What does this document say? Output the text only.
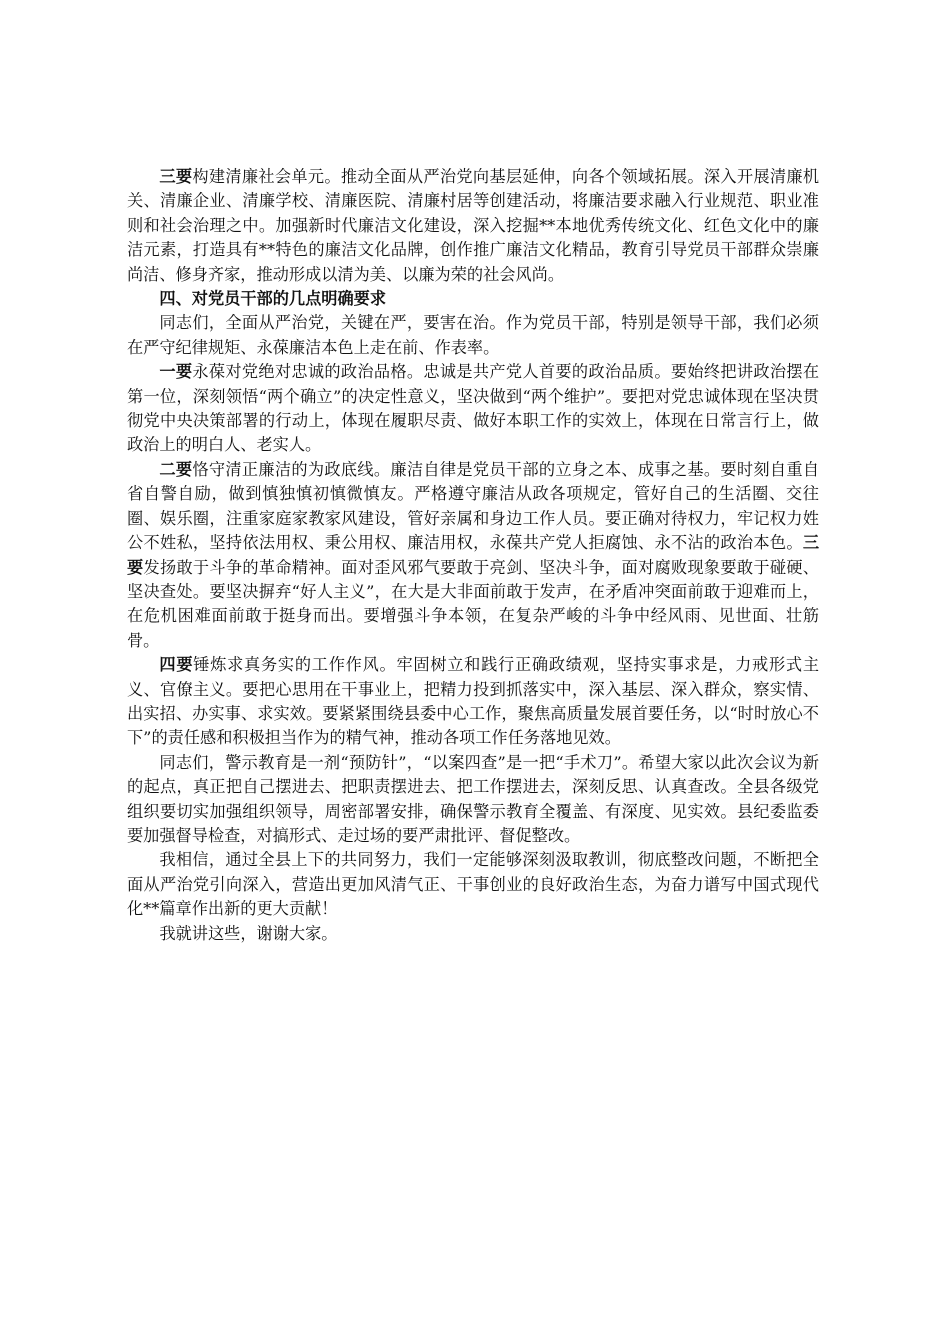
三要构建清廉社会单元。推动全面从严治党向基层延伸，向各个领域拓展。深入开展清廉机关、清廉企业、清廉学校、清廉医院、清廉村居等创建活动，将廉洁要求融入行业规范、职业准则和社会治理之中。加强新时代廉洁文化建设，深入挖掘**本地优秀传统文化、红色文化中的廉洁元素，打造具有**特色的廉洁文化品牌，创作推广廉洁文化精品，教育引导党员干部群众崇廉尚洁、修身齐家，推动形成以清为美、以廉为荣的社会风尚。

四、对党员干部的几点明确要求

同志们，全面从严治党，关键在严，要害在治。作为党员干部，特别是领导干部，我们必须在严守纪律规矩、永葆廉洁本色上走在前、作表率。

一要永葆对党绝对忠诚的政治品格。忠诚是共产党人首要的政治品质。要始终把讲政治摆在第一位，深刻领悟“两个确立”的决定性意义，坚决做到“两个维护”。要把对党忠诚体现在坚决贯彻党中央决策部署的行动上，体现在履职尽责、做好本职工作的实效上，体现在日常言行上，做政治上的明白人、老实人。

二要恪守清正廉洁的为政底线。廉洁自律是党员干部的立身之本、成事之基。要时刻自重自省自警自励，做到慎独慎初慎微慎友。严格遵守廉洁从政各项规定，管好自己的生活圈、交往圈、娱乐圈，注重家庭家教家风建设，管好亲属和身边工作人员。要正确对待权力，牢记权力姓公不姓私，坚持依法用权、秉公用权、廉洁用权，永葆共产党人拒腐蚀、永不沾的政治本色。三要发扬敢于斗争的革命精神。面对歪风邪气要敢于亮剑、坚决斗争，面对腐败现象要敢于碰硬、坚决查处。要坚决摒弃“好人主义”，在大是大非面前敢于发声，在矛盾冲突面前敢于迎难而上，在危机困难面前敢于挺身而出。要增强斗争本领，在复杂严峻的斗争中经风雨、见世面、壮筋骨。

四要锤炼求真务实的工作作风。牢固树立和践行正确政绩观，坚持实事求是，力戒形式主义、官僚主义。要把心思用在干事业上，把精力投到抓落实中，深入基层、深入群众，察实情、出实招、办实事、求实效。要紧紧围绕县委中心工作，聚焦高质量发展首要任务，以“时时放心不下”的责任感和积极担当作为的精气神，推动各项工作任务落地见效。

同志们，警示教育是一剂“预防针”，“以案四查”是一把“手术刀”。希望大家以此次会议为新的起点，真正把自己摆进去、把职责摆进去、把工作摆进去，深刻反思、认真查改。全县各级党组织要切实加强组织领导，周密部署安排，确保警示教育全覆盖、有深度、见实效。县纪委监委要加强督导检查，对搞形式、走过场的要严肃批评、督促整改。

我相信，通过全县上下的共同努力，我们一定能够深刻汲取教训，彻底整改问题，不断把全面从严治党引向深入，营造出更加风清气正、干事创业的良好政治生态，为奋力谱写中国式现代化**篇章作出新的更大贡献！

我就讲这些，谢谢大家。
